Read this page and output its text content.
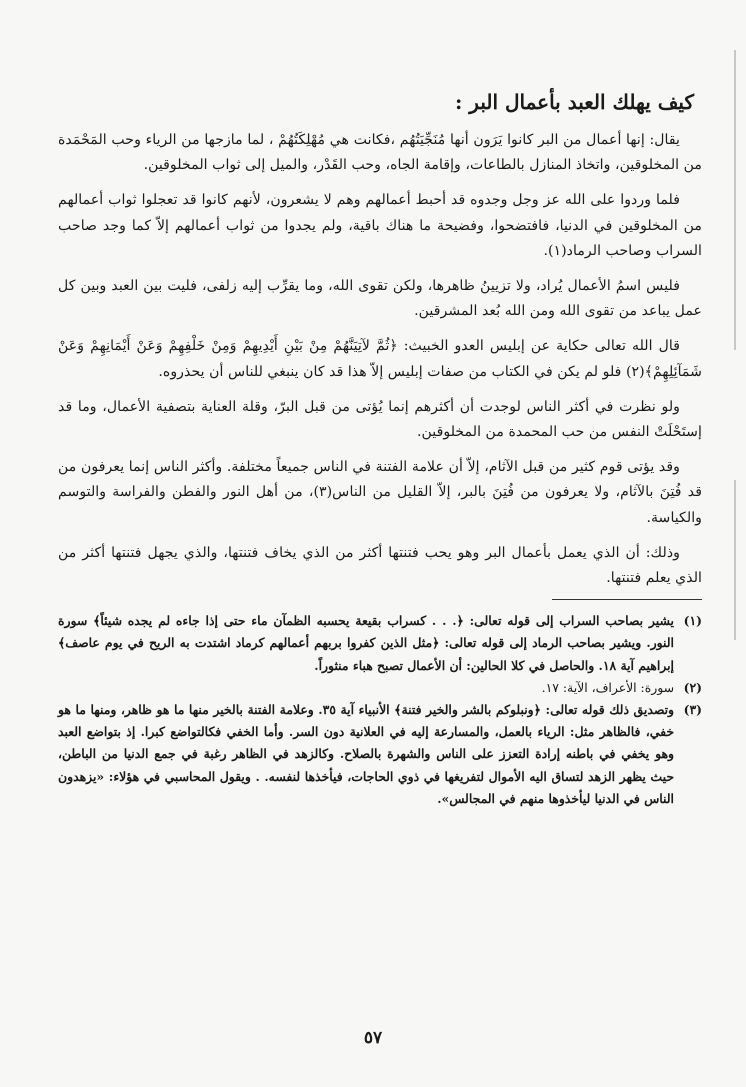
كيف يهلك العبد بأعمال البر :

يقال: إنها أعمال من البر كانوا يَرَون أنها مُنَجِّيَتُهُم ،فكانت هي مُهْلِكَتُهُمْ ، لما مازجها من الرياء وحب المَحْمَدة من المخلوقين، واتخاذ المنازل بالطاعات، وإقامة الجاه، وحب القَدْر، والميل إلى ثواب المخلوقين.

فلما وردوا على الله عز وجل وجدوه قد أحبط أعمالهم وهم لا يشعرون، لأنهم كانوا قد تعجلوا ثواب أعمالهم من المخلوقين في الدنيا، فافتضحوا، وفضيحة ما هناك باقية، ولم يجدوا من ثواب أعمالهم إلاّ كما وجد صاحب السراب وصاحب الرماد(١).

فليس اسمُ الأعمال يُراد، ولا تزيينُ ظاهرها، ولكن تقوى الله، وما يقرِّب إليه زلفى، فليت بين العبد وبين كل عمل يباعد من تقوى الله ومن الله بُعد المشرقين.

قال الله تعالى حكاية عن إبليس العدو الخبيث: ﴿ثُمَّ لآتِيَنَّهُمْ مِنْ بَيْنِ أَيْدِيهِمْ وَمِنْ خَلْفِهِمْ وَعَنْ أَيْمَانِهِمْ وَعَنْ شَمَآئِلِهِمْ﴾(٢) فلو لم يكن في الكتاب من صفات إبليس إلاّ هذا قد كان ينبغي للناس أن يحذروه.

ولو نظرت في أكثر الناس لوجدت أن أكثرهم إنما يُؤتى من قبل البرّ، وقلة العناية بتصفية الأعمال، وما قد إستَحْلَتْ النفس من حب المحمدة من المخلوقين.

وقد يؤتى قوم كثير من قبل الآثام، إلاّ أن علامة الفتنة في الناس جميعاً مختلفة. وأكثر الناس إنما يعرفون من قد فُتِنَ بالآثام، ولا يعرفون من فُتِنَ بالبر، إلاّ القليل من الناس(٣)، من أهل النور والفطن والفراسة والتوسم والكياسة.

وذلك: أن الذي يعمل بأعمال البر وهو يحب فتنتها أكثر من الذي يخاف فتنتها، والذي يجهل فتنتها أكثر من الذي يعلم فتنتها.

(١)
يشير بصاحب السراب إلى قوله تعالى: ﴿. . . كسراب بقيعة يحسبه الظمآن ماء حتى إذا جاءه لم يجده شيئاً﴾ سورة النور. ويشير بصاحب الرماد إلى قوله تعالى: ﴿مثل الذين كفروا بربهم أعمالهم كرماد اشتدت به الريح في يوم عاصف﴾ إبراهيم آية ١٨. والحاصل في كلا الحالين: أن الأعمال تصبح هباء منثوراً.
(٢)
سورة: الأعراف، الآية: ١٧.
(٣)
وتصديق ذلك قوله تعالى: ﴿ونبلوكم بالشر والخير فتنة﴾ الأنبياء آية ٣٥. وعلامة الفتنة بالخير منها ما هو ظاهر، ومنها ما هو خفي، فالظاهر مثل: الرياء بالعمل، والمسارعة إليه في العلانية دون السر. وأما الخفي فكالتواضع كبرا. إذ بتواضع العبد وهو يخفي في باطنه إرادة التعزز على الناس والشهرة بالصلاح. وكالزهد في الظاهر رغبة في جمع الدنيا من الباطن، حيث يظهر الزهد لتساق اليه الأموال لتفريغها في ذوي الحاجات، فيأخذها لنفسه. . ويقول المحاسبي في هؤلاء: «يزهدون الناس في الدنيا ليأخذوها منهم في المجالس».
٥٧
